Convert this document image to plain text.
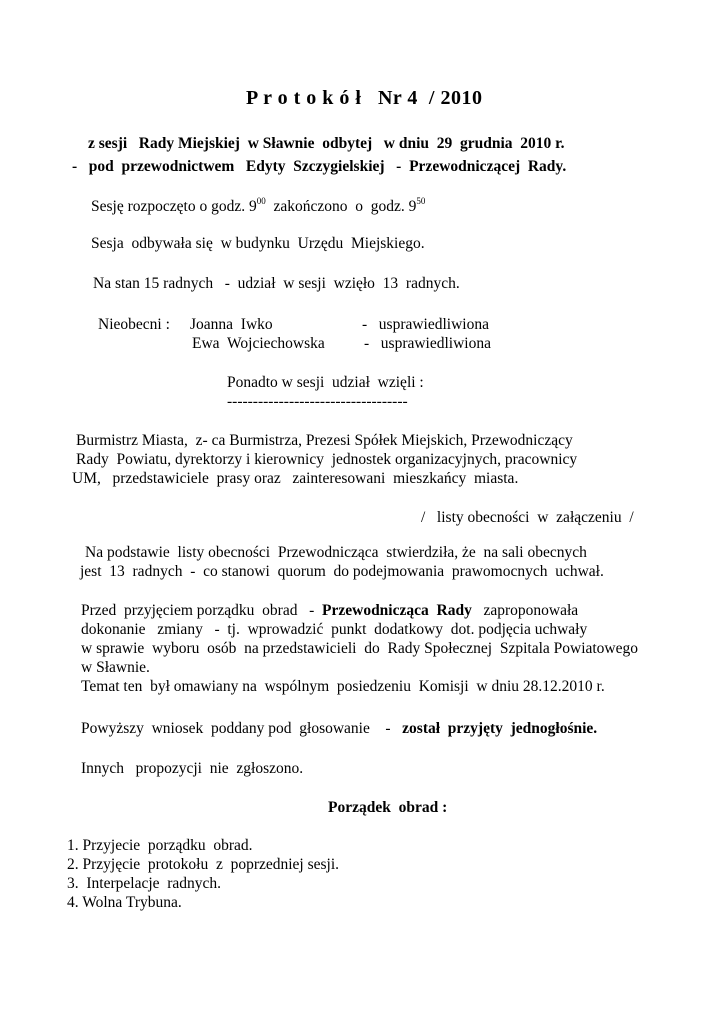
P r o t o k ó ł   Nr 4  / 2010
z sesji   Rady Miejskiej  w Sławnie  odbytej   w dniu  29  grudnia  2010 r.
-   pod  przewodnictwem   Edyty  Szczygielskiej   -  Przewodniczącej  Rady.
Sesję rozpoczęto o godz. $9^{00}$  zakończono  o  godz. $9^{50}$
Sesja  odbywała się  w budynku  Urzędu  Miejskiego.
Na stan 15 radnych   -  udział  w sesji  wzięło  13  radnych.
Nieobecni : Joanna  Iwko	-   usprawiedliwiona
Ewa  Wojciechowska	-   usprawiedliwiona
Ponadto w sesji  udział  wzięli :
-----------------------------------
Burmistrz Miasta,  z- ca Burmistrza, Prezesi Spółek Miejskich, Przewodniczący
Rady  Powiatu, dyrektorzy i kierownicy  jednostek organizacyjnych, pracownicy
UM,   przedstawiciele  prasy oraz   zainteresowani  mieszkańcy  miasta.
/   listy obecności  w  załączeniu  /
Na podstawie  listy obecności  Przewodnicząca  stwierdziła, że  na sali obecnych
jest  13  radnych  -  co stanowi  quorum  do podejmowania  prawomocnych  uchwał.
Przed  przyjęciem porządku  obrad   -  Przewodnicząca  Rady   zaproponowała
dokonanie   zmiany   -  tj.  wprowadzić  punkt  dodatkowy  dot. podjęcia uchwały
w sprawie  wyboru  osób  na przedstawicieli  do  Rady Społecznej  Szpitala Powiatowego
w Sławnie.
Temat ten  był omawiany na  wspólnym  posiedzeniu  Komisji  w dniu 28.12.2010 r.
Powyższy  wniosek  poddany pod  głosowanie    -   został  przyjęty  jednogłośnie.
Innych   propozycji  nie  zgłoszono.
Porządek  obrad :
1. Przyjecie  porządku  obrad.
2. Przyjęcie  protokołu  z  poprzedniej sesji.
3.  Interpelacje  radnych.
4. Wolna Trybuna.
